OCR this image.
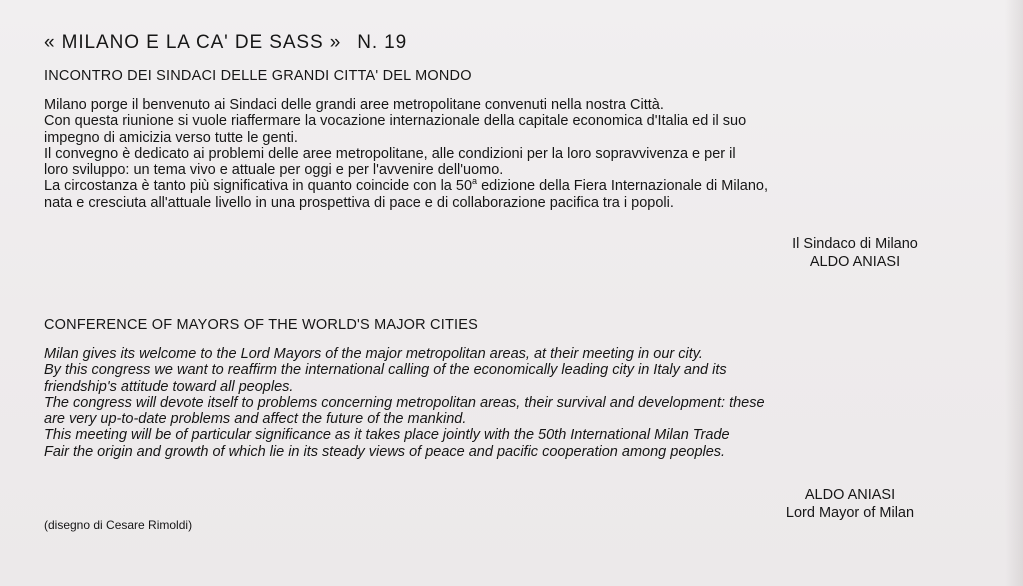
« MILANO E LA CA' DE SASS » N. 19
INCONTRO DEI SINDACI DELLE GRANDI CITTA' DEL MONDO
Milano porge il benvenuto ai Sindaci delle grandi aree metropolitane convenuti nella nostra Città.
Con questa riunione si vuole riaffermare la vocazione internazionale della capitale economica d'Italia ed il suo
impegno di amicizia verso tutte le genti.
Il convegno è dedicato ai problemi delle aree metropolitane, alle condizioni per la loro sopravvivenza e per il
loro sviluppo: un tema vivo e attuale per oggi e per l'avvenire dell'uomo.
La circostanza è tanto più significativa in quanto coincide con la 50$^a$ edizione della Fiera Internazionale di Milano,
nata e cresciuta all'attuale livello in una prospettiva di pace e di collaborazione pacifica tra i popoli.
Il Sindaco di Milano
ALDO ANIASI
CONFERENCE OF MAYORS OF THE WORLD'S MAJOR CITIES
Milan gives its welcome to the Lord Mayors of the major metropolitan areas, at their meeting in our city.
By this congress we want to reaffirm the international calling of the economically leading city in Italy and its
friendship's attitude toward all peoples.
The congress will devote itself to problems concerning metropolitan areas, their survival and development: these
are very up-to-date problems and affect the future of the mankind.
This meeting will be of particular significance as it takes place jointly with the 50th International Milan Trade
Fair the origin and growth of which lie in its steady views of peace and pacific cooperation among peoples.
ALDO ANIASI
Lord Mayor of Milan
(disegno di Cesare Rimoldi)
